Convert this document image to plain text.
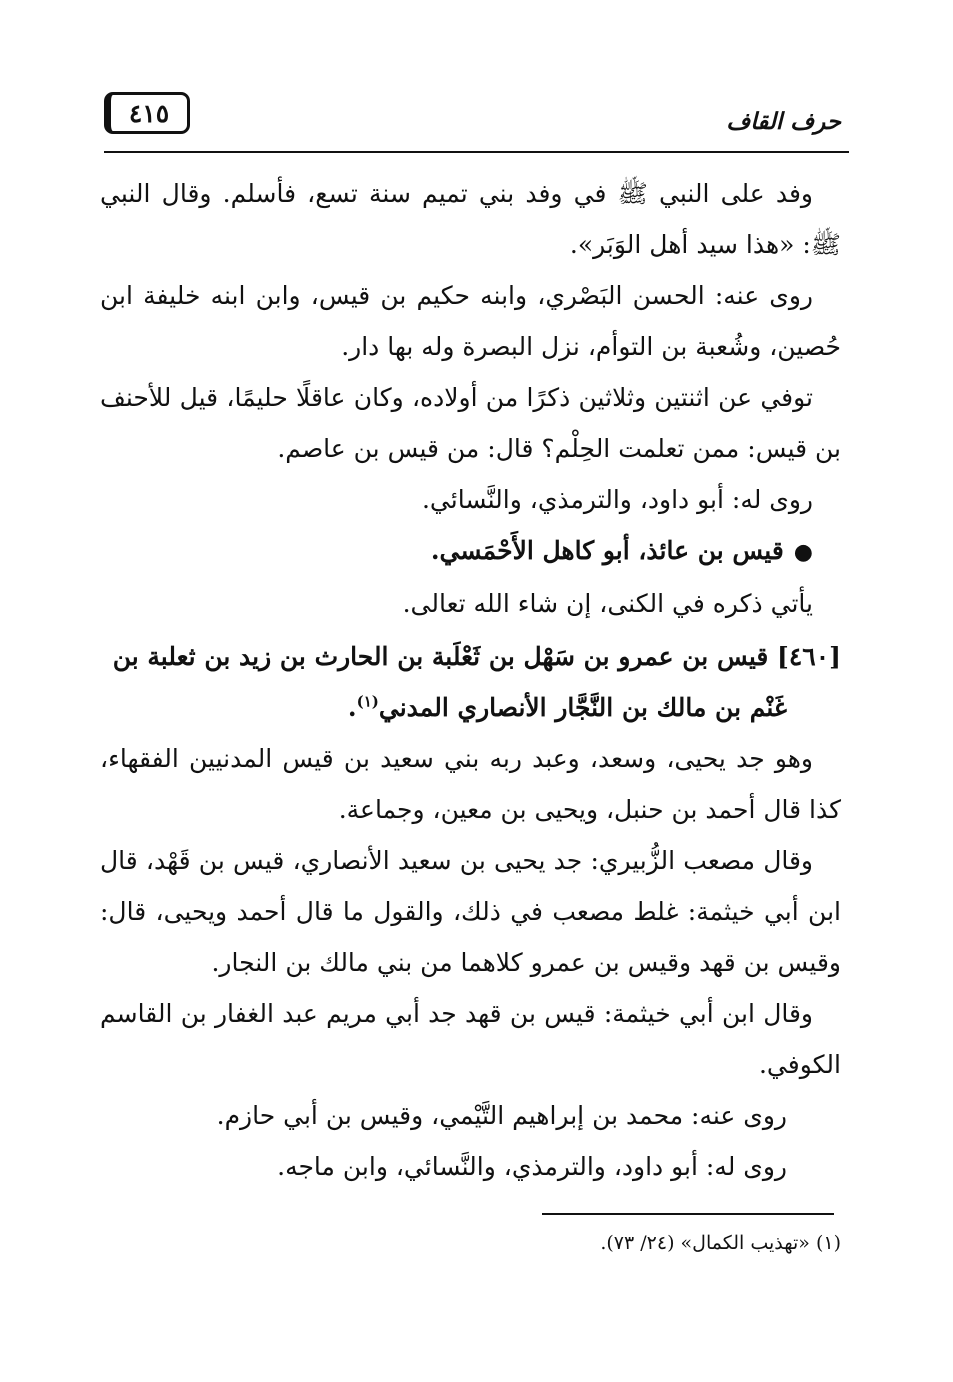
٤١٥	حرف القاف

وفد على النبي ﷺ في وفد بني تميم سنة تسع، فأسلم. وقال النبي ﷺ: «هذا سيد أهل الوَبَر».

روى عنه: الحسن البَصْري، وابنه حكيم بن قيس، وابن ابنه خليفة ابن حُصين، وشُعبة بن التوأم، نزل البصرة وله بها دار.

توفي عن اثنتين وثلاثين ذكرًا من أولاده، وكان عاقلًا حليمًا، قيل للأحنف بن قيس: ممن تعلمت الحِلْم؟ قال: من قيس بن عاصم.

روى له: أبو داود، والترمذي، والنَّسائي.

●قيس بن عائذ، أبو كاهل الأَحْمَسي.

يأتي ذكره في الكنى، إن شاء الله تعالى.

[٤٦٠] قيس بن عمرو بن سَهْل بن ثَعْلَبة بن الحارث بن زيد بن ثعلبة بن
غَنْم بن مالك بن النَّجَّار الأنصاري المدني$^{(١)}$.

وهو جد يحيى، وسعد، وعبد ربه بني سعيد بن قيس المدنيين الفقهاء، كذا قال أحمد بن حنبل، ويحيى بن معين، وجماعة.

وقال مصعب الزُّبيري: جد يحيى بن سعيد الأنصاري، قيس بن قَهْد، قال ابن أبي خيثمة: غلط مصعب في ذلك، والقول ما قال أحمد ويحيى، قال: وقيس بن قهد وقيس بن عمرو كلاهما من بني مالك بن النجار.

وقال ابن أبي خيثمة: قيس بن قهد جد أبي مريم عبد الغفار بن القاسم الكوفي.

روى عنه: محمد بن إبراهيم التَّيْمي، وقيس بن أبي حازم.

روى له: أبو داود، والترمذي، والنَّسائي، وابن ماجه.

(١) «تهذيب الكمال» (٢٤/ ٧٣).
